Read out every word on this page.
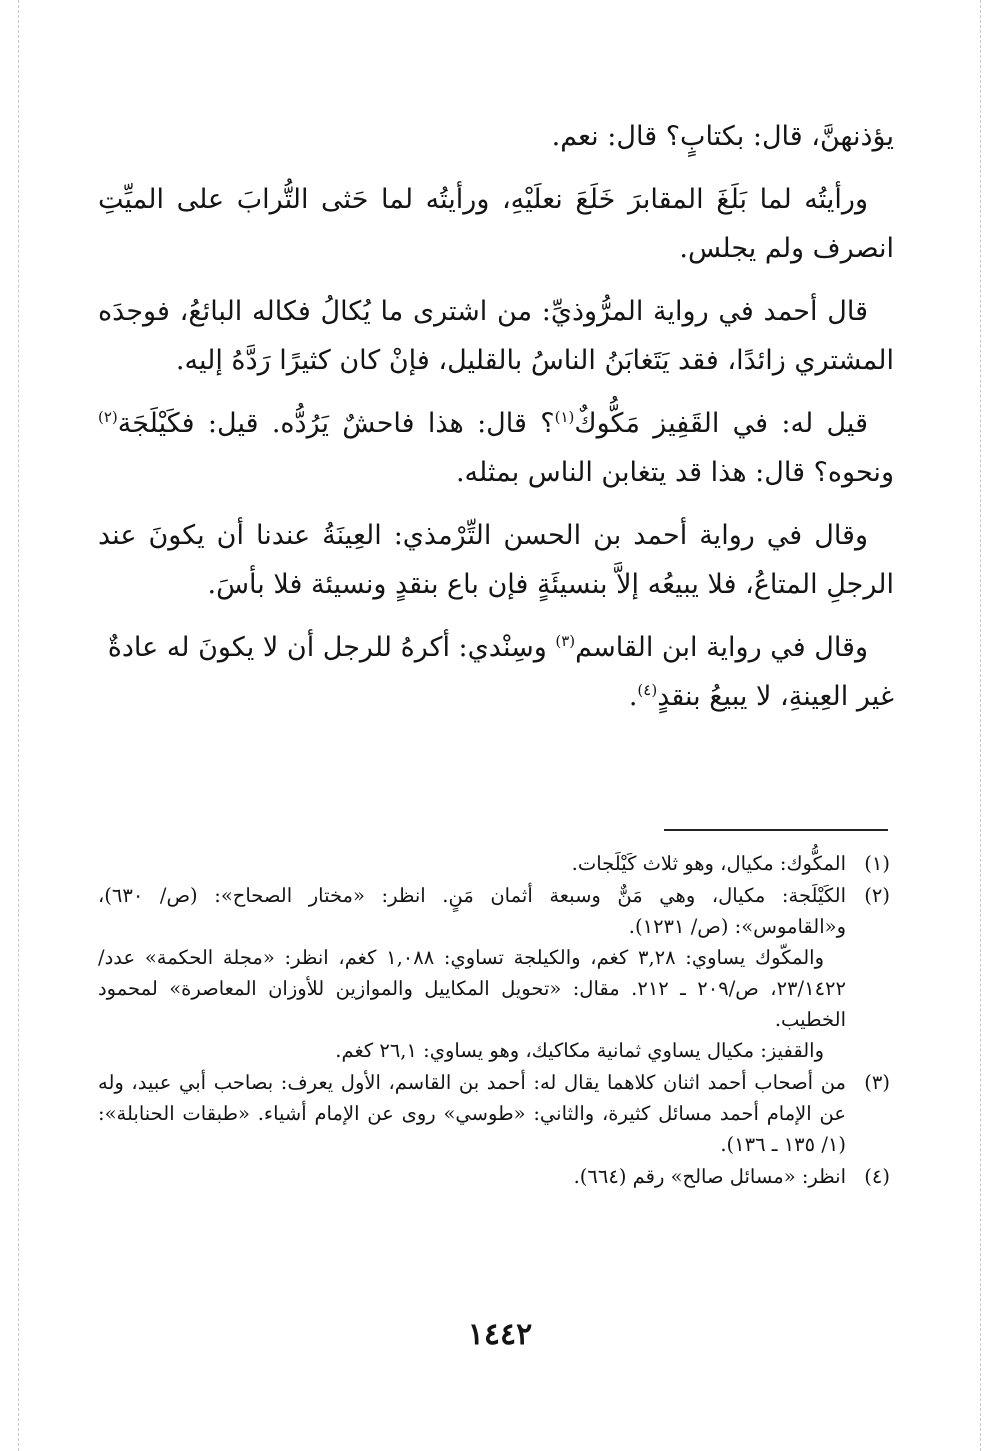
يؤذنهنَّ، قال: بكتابٍ؟ قال: نعم.

ورأيتُه لما بَلَغَ المقابرَ خَلَعَ نعلَيْهِ، ورأيتُه لما حَثى التُّرابَ على الميِّتِ انصرف ولم يجلس.

قال أحمد في رواية المرُّوذيِّ: من اشترى ما يُكالُ فكاله البائعُ، فوجدَه المشتري زائدًا، فقد يَتَغابَنُ الناسُ بالقليل، فإنْ كان كثيرًا رَدَّهُ إليه.

قيل له: في القَفِيز مَكُّوكٌ$^{(١)}$؟ قال: هذا فاحشٌ يَرُدُّه. قيل: فكَيْلَجَة$^{(٢)}$ ونحوه؟ قال: هذا قد يتغابن الناس بمثله.

وقال في رواية أحمد بن الحسن التِّرْمذي: العِينَةُ عندنا أن يكونَ عند الرجلِ المتاعُ، فلا يبيعُه إلاَّ بنسيئَةٍ فإن باع بنقدٍ ونسيئة فلا بأسَ.

وقال في رواية ابن القاسم$^{(٣)}$ وسِنْدي: أكرهُ للرجل أن لا يكونَ له عادةٌ غير العِينةِ، لا يبيعُ بنقدٍ$^{(٤)}$.

(١)

المكُّوك: مكيال، وهو ثلاث كَيْلَجات.

(٢)

الكَيْلَجة: مكيال، وهي مَنٌّ وسبعة أثمان مَنٍ. انظر: «مختار الصحاح»: (ص/ ٦٣٠)، و«القاموس»: (ص/ ١٢٣١).

والمكّوك يساوي: ٣,٢٨ كغم، والكيلجة تساوي: ١,٠٨٨ كغم، انظر: «مجلة الحكمة» عدد/ ٢٣/١٤٢٢، ص/٢٠٩ ـ ٢١٢. مقال: «تحويل المكاييل والموازين للأوزان المعاصرة» لمحمود الخطيب.

والقفيز: مكيال يساوي ثمانية مكاكيك، وهو يساوي: ٢٦,١ كغم.

(٣)

من أصحاب أحمد اثنان كلاهما يقال له: أحمد بن القاسم، الأول يعرف: بصاحب أبي عبيد، وله عن الإمام أحمد مسائل كثيرة، والثاني: «طوسي» روى عن الإمام أشياء. «طبقات الحنابلة»: (١/ ١٣٥ ـ ١٣٦).

(٤)

انظر: «مسائل صالح» رقم (٦٦٤).

١٤٤٢
